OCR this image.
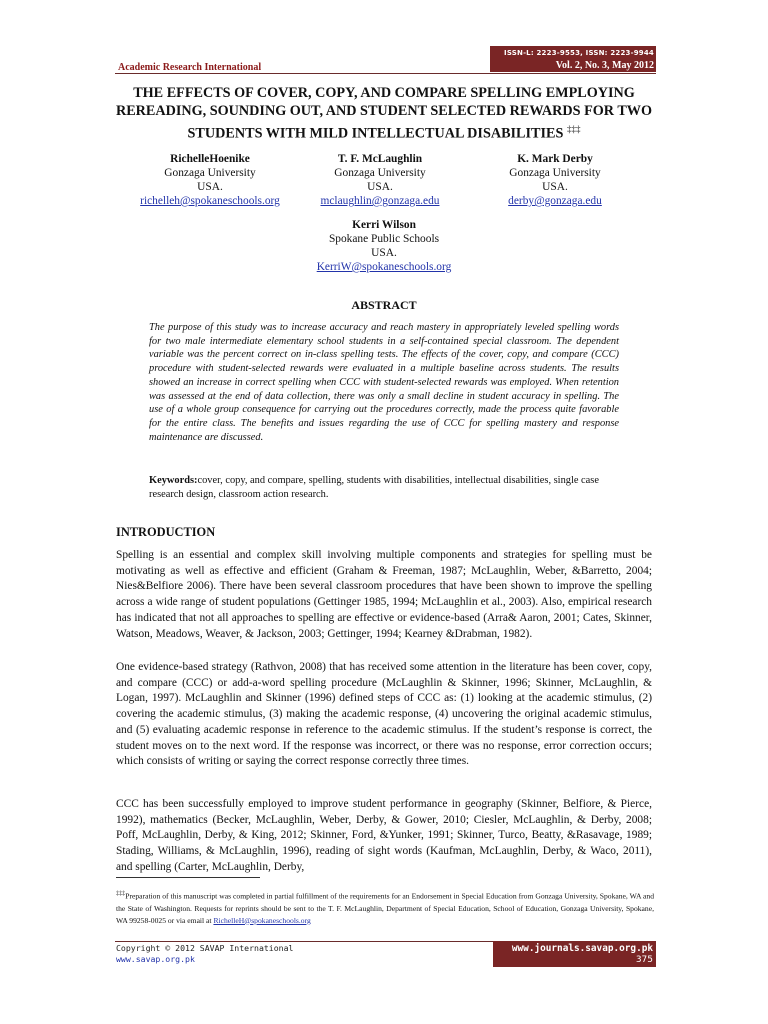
ISSN-L: 2223-9553, ISSN: 2223-9944
Vol. 2, No. 3, May 2012
Academic Research International
THE EFFECTS OF COVER, COPY, AND COMPARE SPELLING EMPLOYING REREADING, SOUNDING OUT, AND STUDENT SELECTED REWARDS FOR TWO STUDENTS WITH MILD INTELLECTUAL DISABILITIES ‡‡‡
RichelleHoenike
Gonzaga University
USA.
richelleh@spokaneschools.org
T. F. McLaughlin
Gonzaga University
USA.
mclaughlin@gonzaga.edu
K. Mark Derby
Gonzaga University
USA.
derby@gonzaga.edu
Kerri Wilson
Spokane Public Schools
USA.
KerriW@spokaneschools.org
ABSTRACT
The purpose of this study was to increase accuracy and reach mastery in appropriately leveled spelling words for two male intermediate elementary school students in a self-contained special classroom. The dependent variable was the percent correct on in-class spelling tests. The effects of the cover, copy, and compare (CCC) procedure with student-selected rewards were evaluated in a multiple baseline across students. The results showed an increase in correct spelling when CCC with student-selected rewards was employed. When retention was assessed at the end of data collection, there was only a small decline in student accuracy in spelling. The use of a whole group consequence for carrying out the procedures correctly, made the process quite favorable for the entire class. The benefits and issues regarding the use of CCC for spelling mastery and response maintenance are discussed.
Keywords:cover, copy, and compare, spelling, students with disabilities, intellectual disabilities, single case research design, classroom action research.
INTRODUCTION
Spelling is an essential and complex skill involving multiple components and strategies for spelling must be motivating as well as effective and efficient (Graham & Freeman, 1987; McLaughlin, Weber, &Barretto, 2004; Nies&Belfiore 2006). There have been several classroom procedures that have been shown to improve the spelling across a wide range of student populations (Gettinger 1985, 1994; McLaughlin et al., 2003). Also, empirical research has indicated that not all approaches to spelling are effective or evidence-based (Arra& Aaron, 2001; Cates, Skinner, Watson, Meadows, Weaver, & Jackson, 2003; Gettinger, 1994; Kearney &Drabman, 1982).
One evidence-based strategy (Rathvon, 2008) that has received some attention in the literature has been cover, copy, and compare (CCC) or add-a-word spelling procedure (McLaughlin & Skinner, 1996; Skinner, McLaughlin, & Logan, 1997). McLaughlin and Skinner (1996) defined steps of CCC as: (1) looking at the academic stimulus, (2) covering the academic stimulus, (3) making the academic response, (4) uncovering the original academic stimulus, and (5) evaluating academic response in reference to the academic stimulus. If the student’s response is correct, the student moves on to the next word. If the response was incorrect, or there was no response, error correction occurs; which consists of writing or saying the correct response correctly three times.
CCC has been successfully employed to improve student performance in geography (Skinner, Belfiore, & Pierce, 1992), mathematics (Becker, McLaughlin, Weber, Derby, & Gower, 2010; Ciesler, McLaughlin, & Derby, 2008; Poff, McLaughlin, Derby, & King, 2012; Skinner, Ford, &Yunker, 1991; Skinner, Turco, Beatty, &Rasavage, 1989; Stading, Williams, & McLaughlin, 1996), reading of sight words (Kaufman, McLaughlin, Derby, & Waco, 2011), and spelling (Carter, McLaughlin, Derby,
‡‡‡Preparation of this manuscript was completed in partial fulfillment of the requirements for an Endorsement in Special Education from Gonzaga University, Spokane, WA and the State of Washington. Requests for reprints should be sent to the T. F. McLaughlin, Department of Special Education, School of Education, Gonzaga University, Spokane, WA 99258-0025 or via email at RichelleH@spokaneschools.org
Copyright © 2012 SAVAP International
www.savap.org.pk
www.journals.savap.org.pk
375
